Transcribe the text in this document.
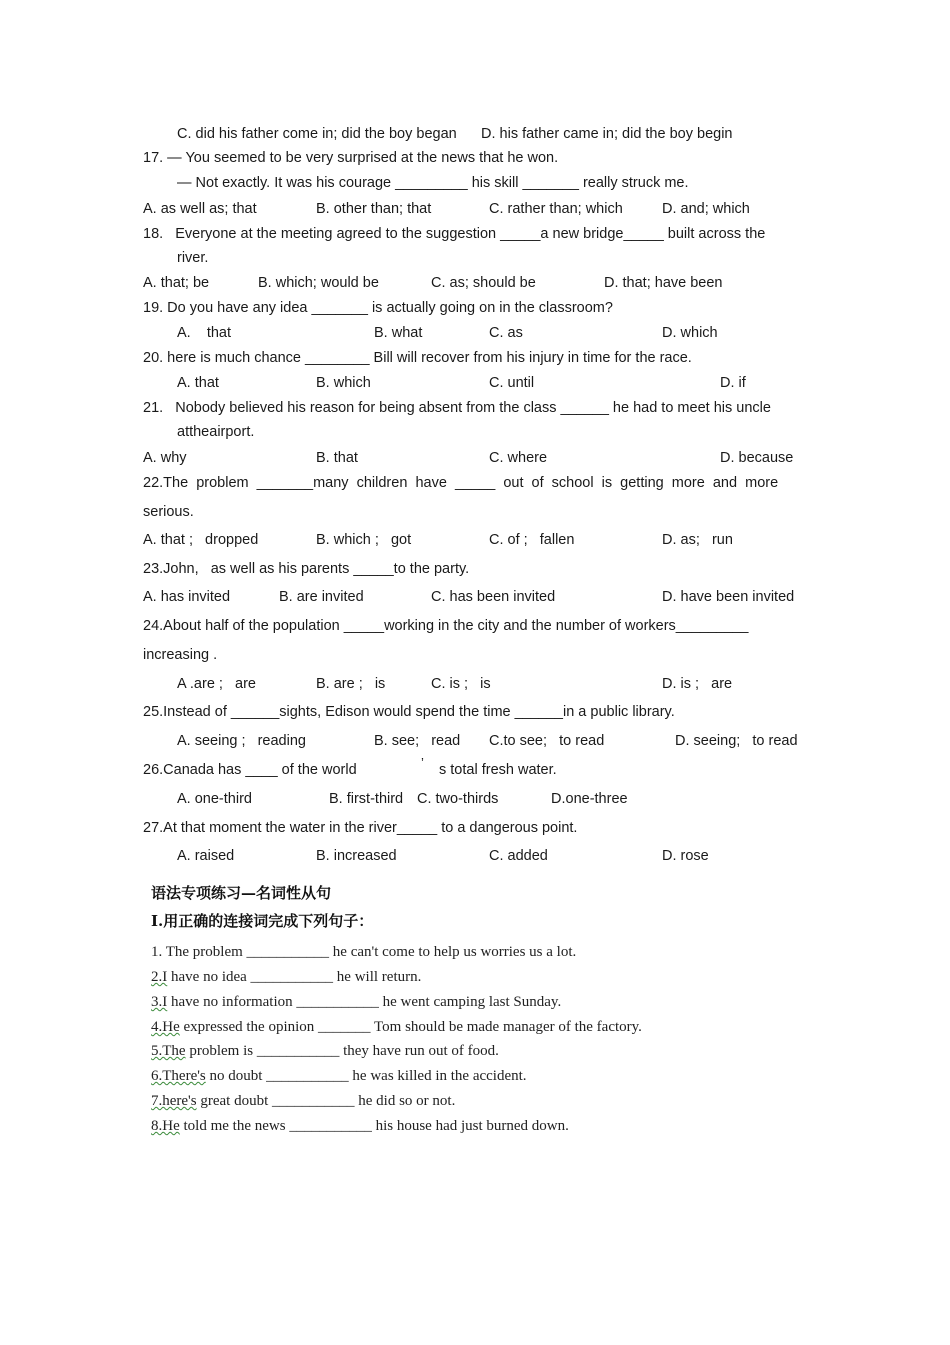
C. did his father come in; did the boy began D. his father came in; did the boy begin
17. — You seemed to be very surprised at the news that he won.
— Not exactly. It was his courage _________ his skill _______ really struck me.
A. as well as; that	B. other than; that	C. rather than; which	D. and; which
18.   Everyone at the meeting agreed to the suggestion _____a new bridge_____ built across the
river.
A. that; be	B. which; would be	C. as; should be	D. that; have been
19. Do you have any idea _______ is actually going on in the classroom?
A.    that	B. what	C. as	D. which
20. here is much chance ________ Bill will recover from his injury in time for the race.
A. that	B. which	C. until	D. if
21.   Nobody believed his reason for being absent from the class ______ he had to meet his uncle
attheairport.
A. why	B. that	C. where	D. because
22.The  problem  _______many  children  have  _____  out  of  school  is  getting  more  and  more
serious.
A. that ;   dropped	B. which ;   got	C. of ;   fallen	D. as;   run
23.John,   as well as his parents _____to the party.
A. has invited	B. are invited	C. has been invited	D. have been invited
24.About half of the population _____working in the city and the number of workers_________
increasing .
A .are ;   are	B. are ;   is	C. is ;   is	D. is ;   are
25.Instead of ______sights, Edison would spend the time ______in a public library.
A. seeing ;   reading	B. see;   read C.to see;   to read	D. seeing;   to read
26.Canada has ____ of the world	’ s total fresh water.
A. one-third	B. first-third C. two-thirds	D.one-three
27.At that moment the water in the river_____ to a dangerous point.
A. raised	B. increased	C. added	D. rose
语法专项练习—名词性从句
I.用正确的连接词完成下列句子：
1. The problem ___________ he can't come to help us worries us a lot.
2.I have no idea ___________ he will return.
3.I have no information ___________ he went camping last Sunday.
4.He expressed the opinion _______ Tom should be made manager of the factory.
5.The problem is ___________ they have run out of food.
6.There's no doubt ___________ he was killed in the accident.
7.here's great doubt ___________ he did so or not.
8.He told me the news ___________ his house had just burned down.
